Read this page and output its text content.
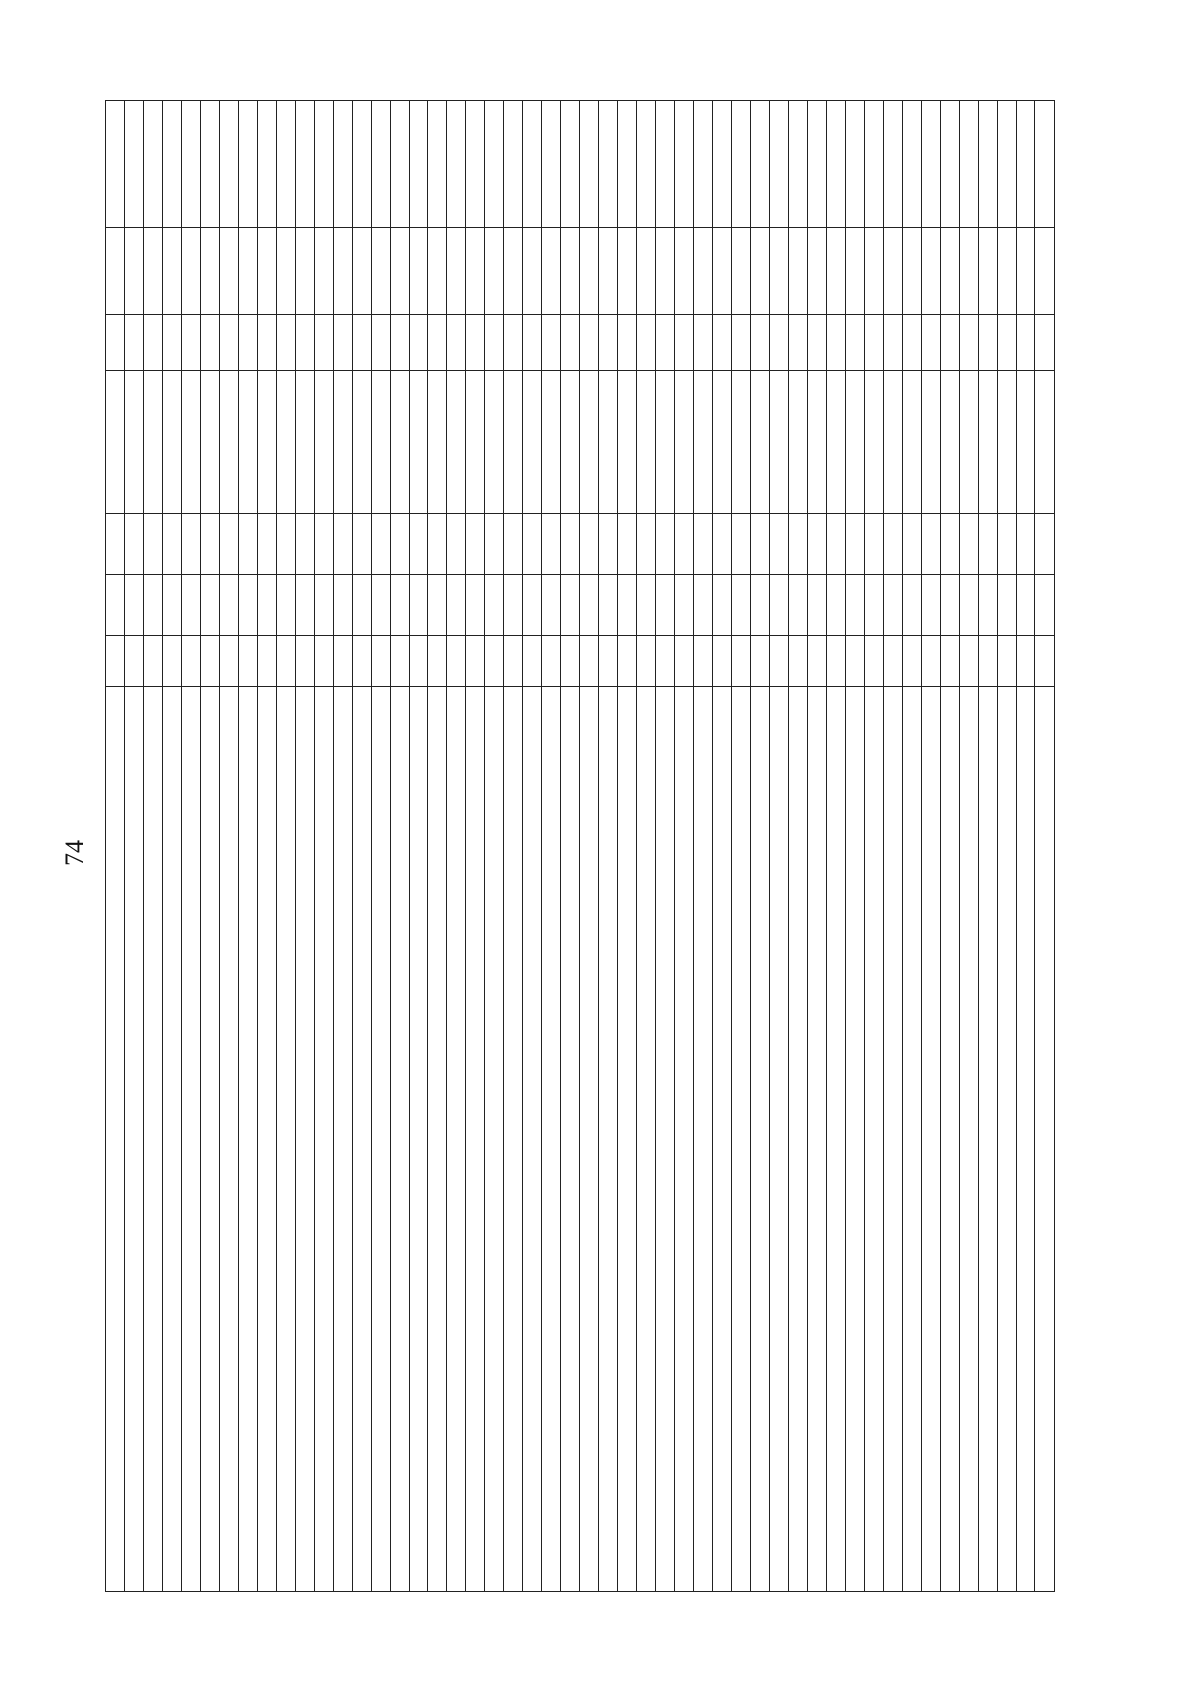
74
